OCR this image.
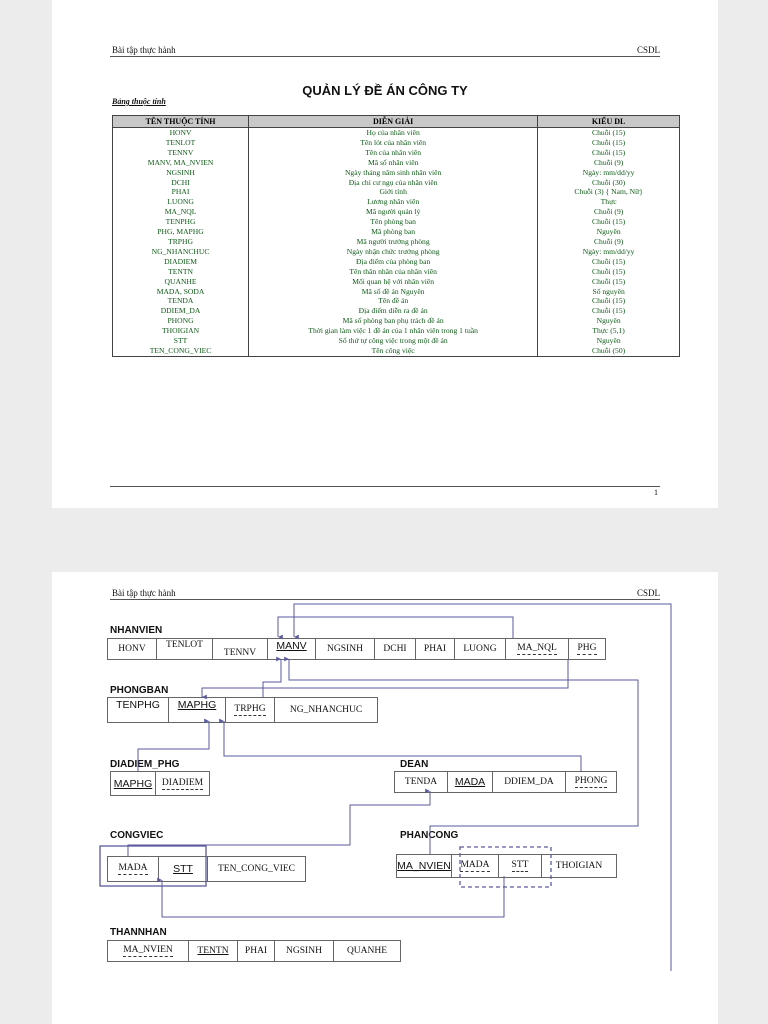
Bài tập thực hành	CSDL
QUẢN LÝ ĐỀ ÁN CÔNG TY
Bảng thuộc tính
TÊN THUỘC TÍNH	DIỄN GIẢI	KIỂU DL
HONV	Họ của nhân viên	Chuỗi (15)
TENLOT	Tên lót của nhân viên	Chuỗi (15)
TENNV	Tên của nhân viên	Chuỗi (15)
MANV, MA_NVIEN	Mã số nhân viên	Chuỗi (9)
NGSINH	Ngày tháng năm sinh nhân viên	Ngày: mm/dd/yy
DCHI	Địa chỉ cư ngụ của nhân viên	Chuỗi (30)
PHAI	Giới tính	Chuỗi (3) { Nam, Nữ}
LUONG	Lương nhân viên	Thực
MA_NQL	Mã người quản lý	Chuỗi (9)
TENPHG	Tên phòng ban	Chuỗi (15)
PHG, MAPHG	Mã phòng ban	Nguyên
TRPHG	Mã người trưởng phòng	Chuỗi (9)
NG_NHANCHUC	Ngày nhận chức trưởng phòng	Ngày: mm/dd/yy
DIADIEM	Địa điểm của phòng ban	Chuỗi (15)
TENTN	Tên thân nhân của nhân viên	Chuỗi (15)
QUANHE	Mối quan hệ với nhân viên	Chuỗi (15)
MADA, SODA	Mã số đề án Nguyên	Số nguyên
TENDA	Tên đề án	Chuỗi (15)
DDIEM_DA	Địa điểm diễn ra đề án	Chuỗi (15)
PHONG	Mã số phòng ban phụ trách đề án	Nguyên
THOIGIAN	Thời gian làm việc 1 đề án của 1 nhân viên trong 1 tuần	Thực (5,1)
STT	Số thứ tự công việc trong một đề án	Nguyên
TEN_CONG_VIEC	Tên công việc	Chuỗi (50)
1
Bài tập thực hành	CSDL
NHANVIEN
HONV	TENLOT
TENNV
MANV	NGSINH	DCHI	PHAI	LUONG	MA_NQL PHG
PHONGBAN
TENPHG	MAPHG TRPHG	NG_NHANCHUC
DIADIEM_PHG
MAPHG DIADIEM
DEAN
TENDA	MADA	DDIEM_DA	PHONG
CONGVIEC
MADA STT	TEN_CONG_VIEC
PHANCONG
MA_NVIEN MADA STT	THOIGIAN
THANNHAN
MA_NVIEN	TENTN	PHAI	NGSINH	QUANHE
